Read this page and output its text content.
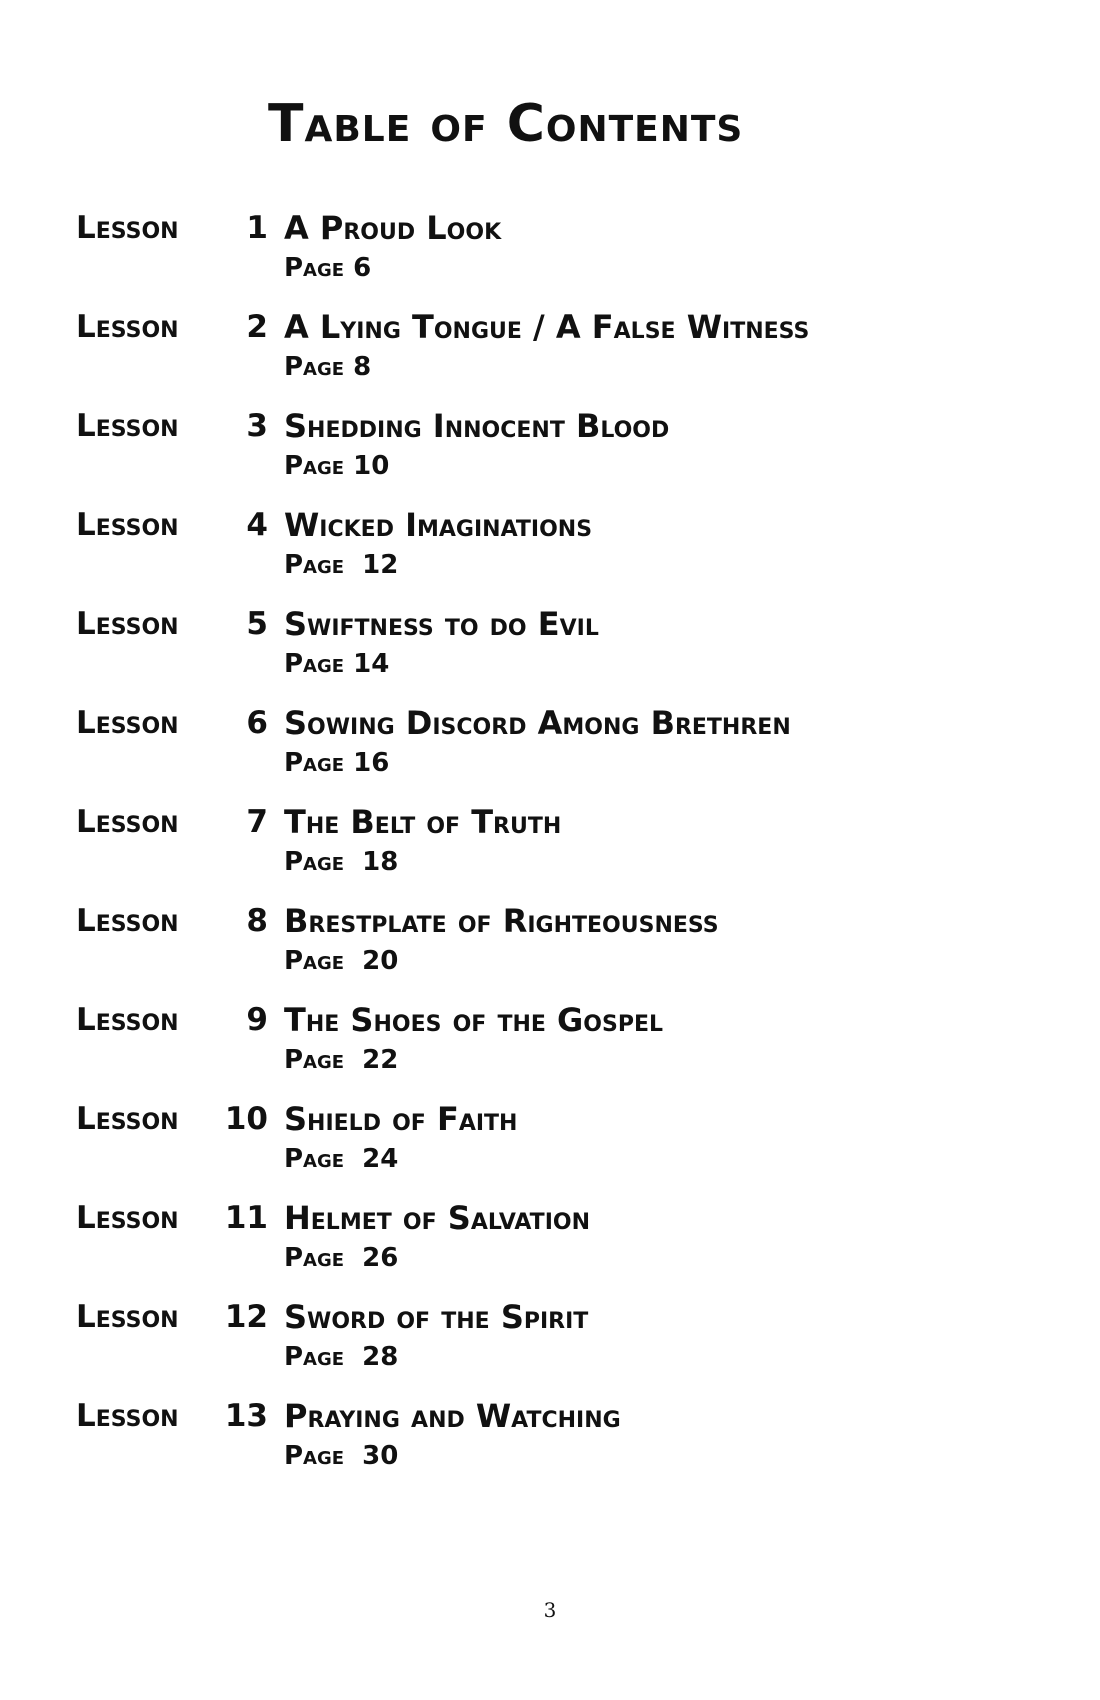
Table of Contents
Lesson	1 A Proud Look
Page 6
Lesson	2 A Lying Tongue / A False Witness
Page 8
Lesson	3 Shedding Innocent Blood
Page 10
Lesson	4 Wicked Imaginations
Page  12
Lesson	5 Swiftness to do Evil
Page 14
Lesson	6 Sowing Discord Among Brethren
Page 16
Lesson	7 The Belt of Truth
Page  18
Lesson	8 Brestplate of Righteousness
Page  20
Lesson	9 The Shoes of the Gospel
Page  22
Lesson	10 Shield of Faith
Page  24
Lesson	11 Helmet of Salvation
Page  26
Lesson	12 Sword of the Spirit
Page  28
Lesson	13 Praying and Watching
Page  30
3
